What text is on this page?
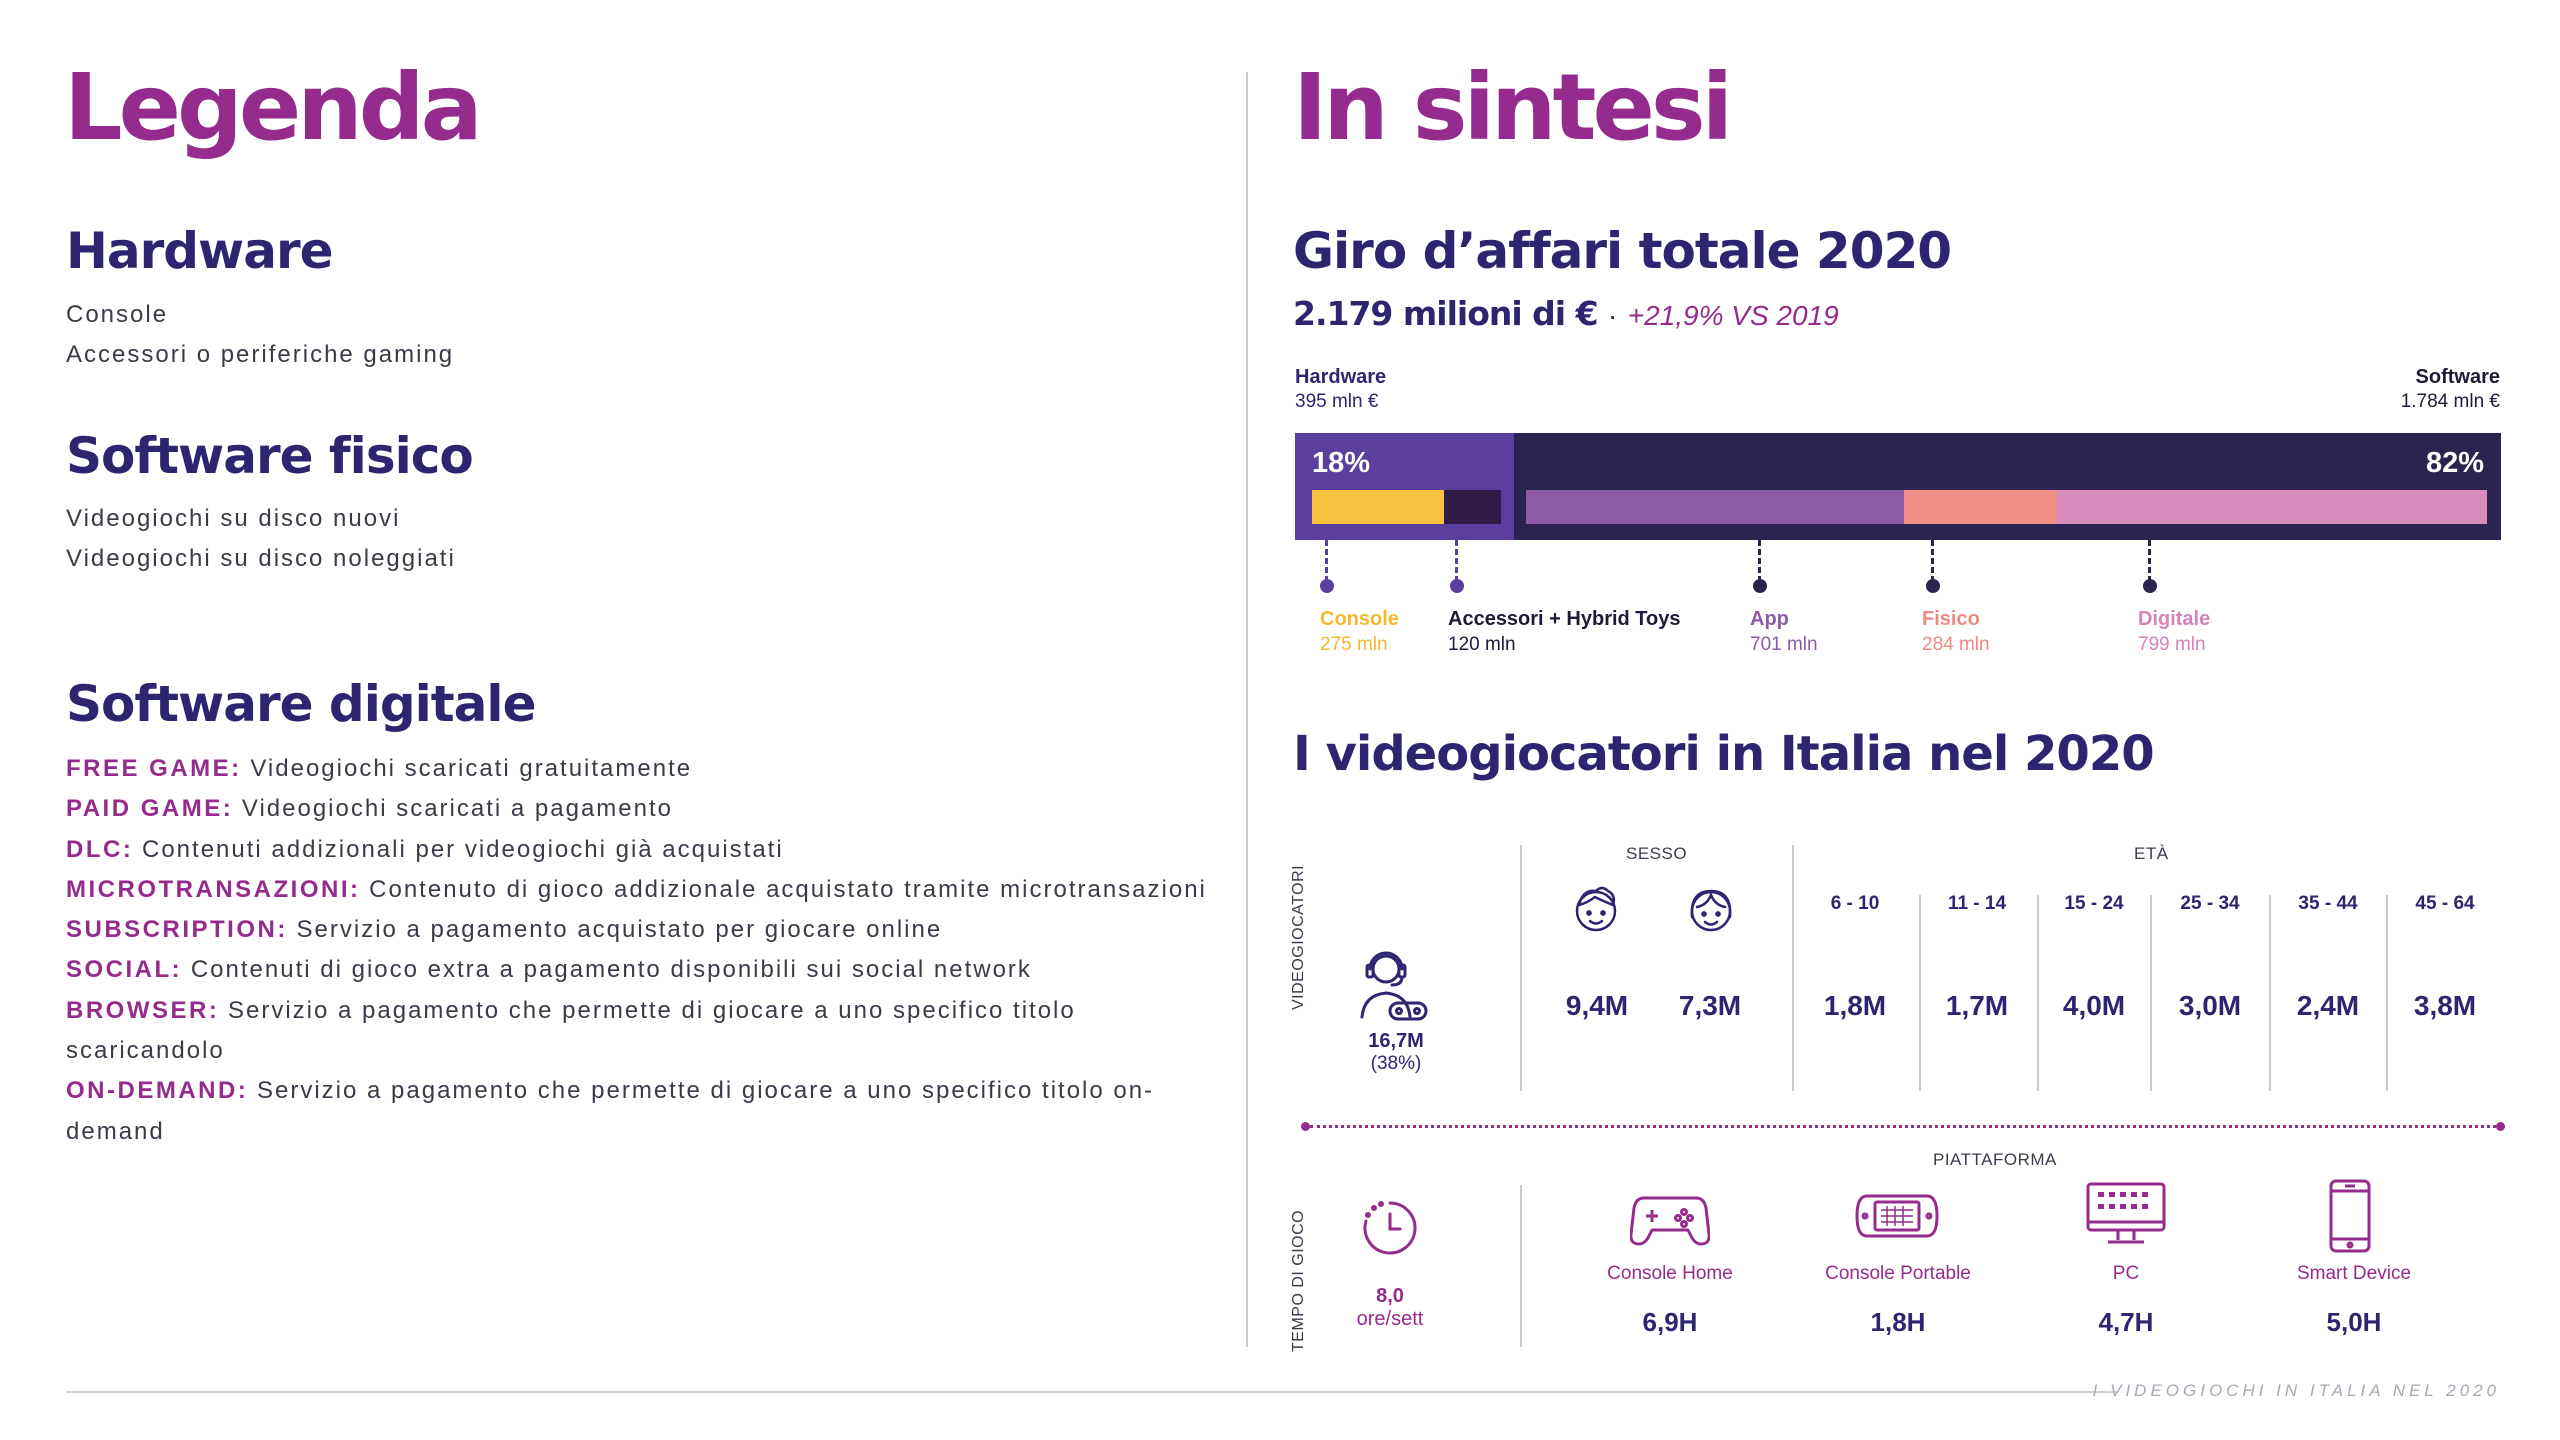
Legenda
Hardware
Console
Accessori o periferiche gaming
Software fisico
Videogiochi su disco nuovi
Videogiochi su disco noleggiati
Software digitale
FREE GAME: Videogiochi scaricati gratuitamente
PAID GAME: Videogiochi scaricati a pagamento
DLC: Contenuti addizionali per videogiochi già acquistati
MICROTRANSAZIONI: Contenuto di gioco addizionale acquistato tramite microtransazioni
SUBSCRIPTION: Servizio a pagamento acquistato per giocare online
SOCIAL: Contenuti di gioco extra a pagamento disponibili sui social network
BROWSER: Servizio a pagamento che permette di giocare a uno specifico titolo scaricandolo
ON-DEMAND: Servizio a pagamento che permette di giocare a uno specifico titolo on-demand
In sintesi
Giro d’affari totale 2020
2.179 milioni di € · +21,9% VS 2019
Hardware
395 mln €
Software
1.784 mln €
18%	82%
Console
275 mln
Accessori + Hybrid Toys
120 mln
App
701 mln
Fisico
284 mln
Digitale
799 mln
I videogiocatori in Italia nel 2020
VIDEOGIOCATORI
TEMPO DI GIOCO
16,7M
(38%)
SESSO
9,4M	7,3M
ETÀ
6 - 10	11 - 14	15 - 24	25 - 34	35 - 44	45 - 64
1,8M	1,7M	4,0M	3,0M	2,4M	3,8M
8,0
ore/sett
PIATTAFORMA
Console Home	Console Portable	PC	Smart Device
6,9H	1,8H	4,7H	5,0H
I VIDEOGIOCHI IN ITALIA NEL 2020
